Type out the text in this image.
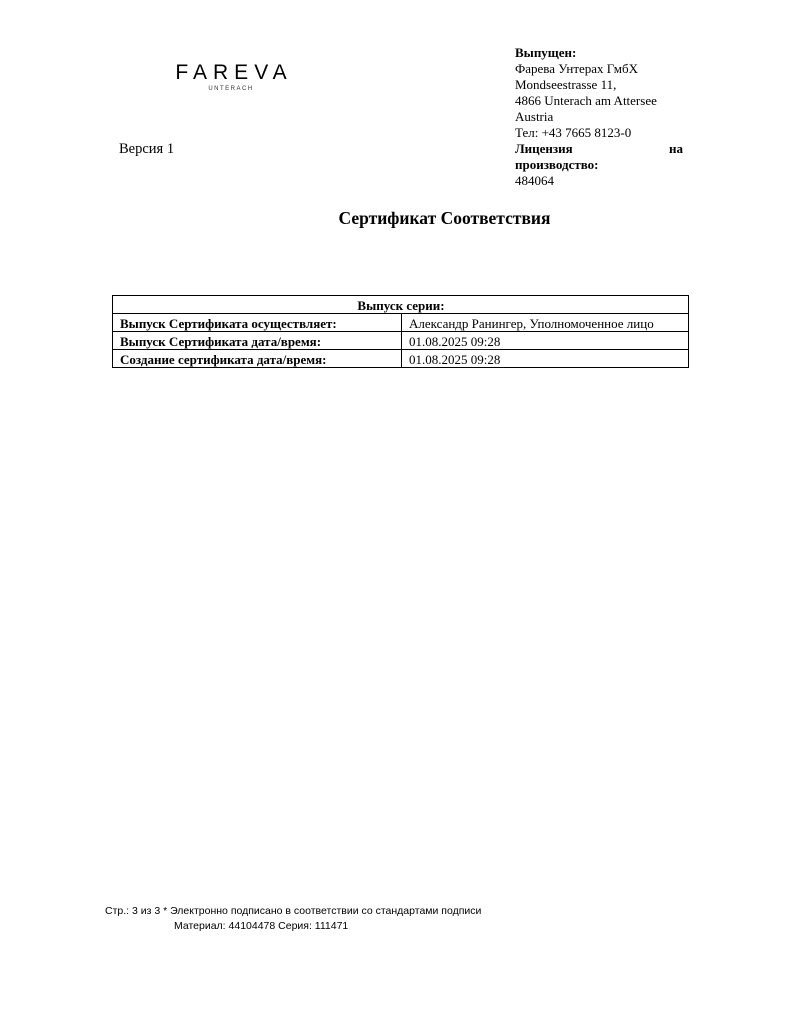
FAREVA
UNTERACH
Версия 1
Выпущен:
Фарева Унтерах ГмбХ
Mondseestrasse 11,
4866 Unterach am Attersee
Austria
Тел: +43 7665 8123-0
Лицензия	на
производство:
484064
Сертификат Соответствия
Выпуск серии:	
Выпуск Сертификата осуществляет:	Александр Ранингер, Уполномоченное лицо
Выпуск Сертификата дата/время:	01.08.2025 09:28
Создание сертификата дата/время:	01.08.2025 09:28
Стр.: 3 из 3 * Электронно подписано в соответствии со стандартами подписи
Материал: 44104478 Серия: 111471
